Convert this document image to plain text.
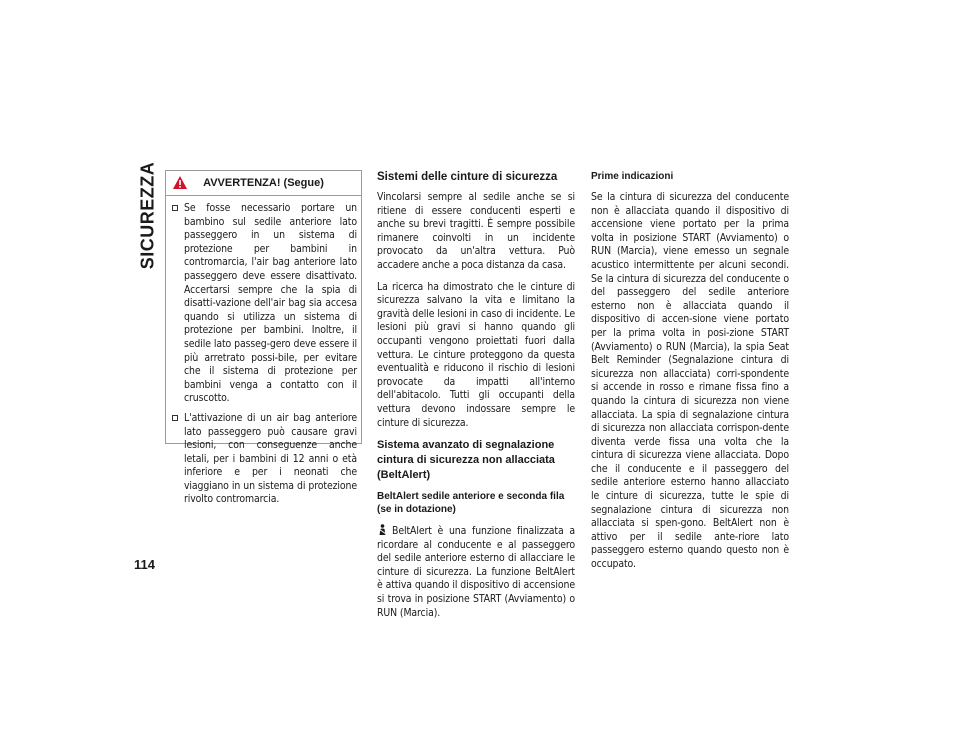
SICUREZZA
114
AVVERTENZA! (Segue)
Se fosse necessario portare un bambino sul sedile anteriore lato passeggero in un sistema di protezione per bambini in contromarcia, l'air bag anteriore lato passeggero deve essere disattivato. Accertarsi sempre che la spia di disatti-vazione dell'air bag sia accesa quando si utilizza un sistema di protezione per bambini. Inoltre, il sedile lato passeg-gero deve essere il più arretrato possi-bile, per evitare che il sistema di protezione per bambini venga a contatto con il cruscotto.
L'attivazione di un air bag anteriore lato passeggero può causare gravi lesioni, con conseguenze anche letali, per i bambini di 12 anni o età inferiore e per i neonati che viaggiano in un sistema di protezione rivolto contromarcia.
Sistemi delle cinture di sicurezza

Vincolarsi sempre al sedile anche se si ritiene di essere conducenti esperti e anche su brevi tragitti. È sempre possibile rimanere coinvolti in un incidente provocato da un'altra vettura. Può accadere anche a poca distanza da casa.

La ricerca ha dimostrato che le cinture di sicurezza salvano la vita e limitano la gravità delle lesioni in caso di incidente. Le lesioni più gravi si hanno quando gli occupanti vengono proiettati fuori dalla vettura. Le cinture proteggono da questa eventualità e riducono il rischio di lesioni provocate da impatti all'interno dell'abitacolo. Tutti gli occupanti della vettura devono indossare sempre le cinture di sicurezza.

Sistema avanzato di segnalazione cintura di sicurezza non allacciata (BeltAlert)
BeltAlert sedile anteriore e seconda fila (se in dotazione)

BeltAlert è una funzione finalizzata a ricordare al conducente e al passeggero del sedile anteriore esterno di allacciare le cinture di sicurezza. La funzione BeltAlert è attiva quando il dispositivo di accensione si trova in posizione START (Avviamento) o RUN (Marcia).

Prime indicazioni

Se la cintura di sicurezza del conducente non è allacciata quando il dispositivo di accensione viene portato per la prima volta in posizione START (Avviamento) o RUN (Marcia), viene emesso un segnale acustico intermittente per alcuni secondi. Se la cintura di sicurezza del conducente o del passeggero del sedile anteriore esterno non è allacciata quando il dispositivo di accen-sione viene portato per la prima volta in posi-zione START (Avviamento) o RUN (Marcia), la spia Seat Belt Reminder (Segnalazione cintura di sicurezza non allacciata) corri-spondente si accende in rosso e rimane fissa fino a quando la cintura di sicurezza non viene allacciata. La spia di segnalazione cintura di sicurezza non allacciata corrispon-dente diventa verde fissa una volta che la cintura di sicurezza viene allacciata. Dopo che il conducente e il passeggero del sedile anteriore esterno hanno allacciato le cinture di sicurezza, tutte le spie di segnalazione cintura di sicurezza non allacciata si spen-gono. BeltAlert non è attivo per il sedile ante-riore lato passeggero esterno quando questo non è occupato.
